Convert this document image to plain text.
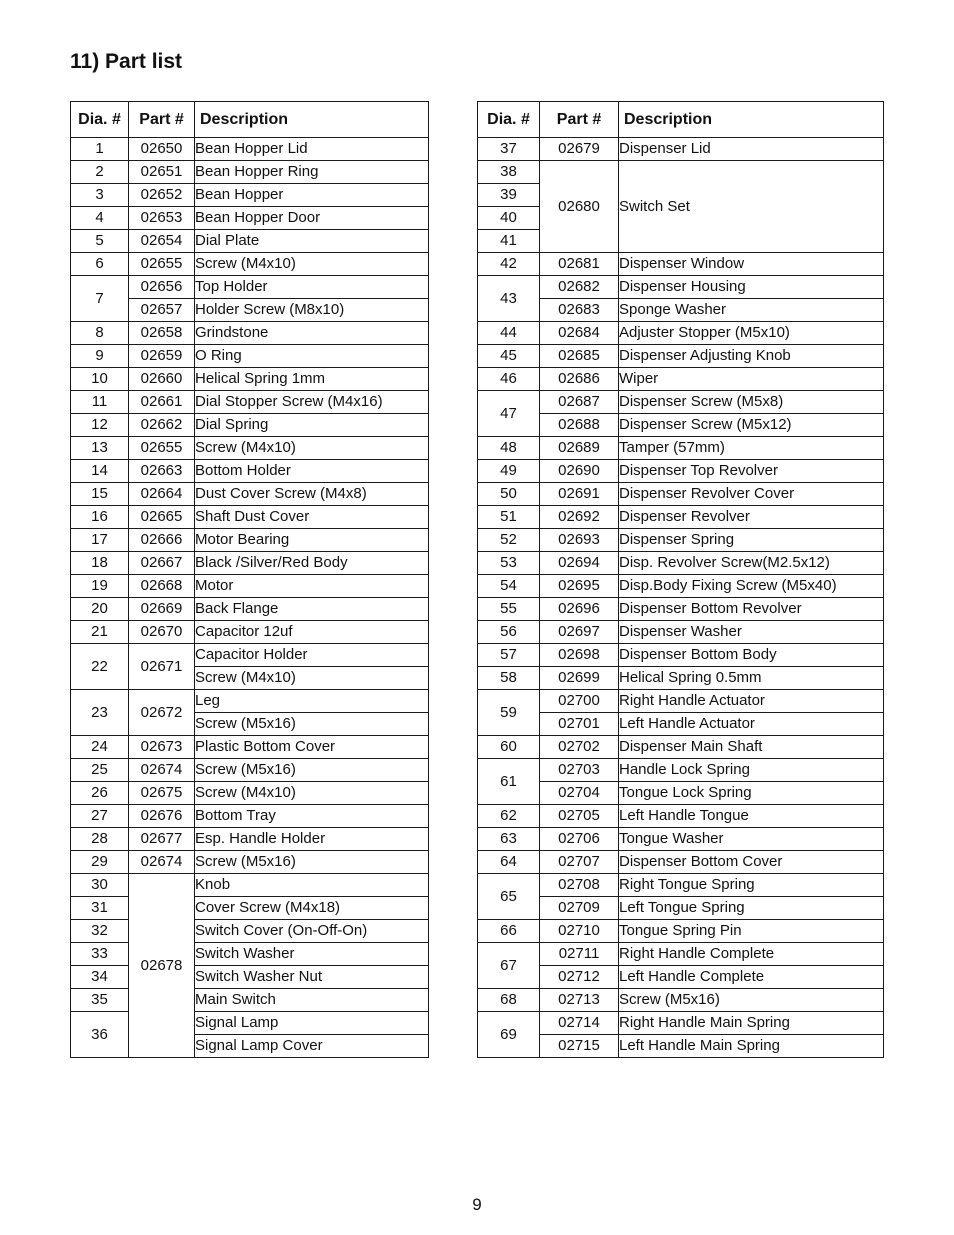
11) Part list
Dia. #	Part #	Description
1	02650	Bean Hopper Lid
2	02651	Bean Hopper Ring
3	02652	Bean Hopper
4	02653	Bean Hopper Door
5	02654	Dial Plate
6	02655	Screw (M4x10)
7	02656	Top Holder
	02657	Holder Screw (M8x10)
8	02658	Grindstone
9	02659	O Ring
10	02660	Helical Spring 1mm
11	02661	Dial Stopper Screw (M4x16)
12	02662	Dial Spring
13	02655	Screw (M4x10)
14	02663	Bottom Holder
15	02664	Dust Cover Screw (M4x8)
16	02665	Shaft Dust Cover
17	02666	Motor Bearing
18	02667	Black /Silver/Red Body
19	02668	Motor
20	02669	Back Flange
21	02670	Capacitor 12uf
22	02671	Capacitor Holder
		Screw (M4x10)
23	02672	Leg
		Screw (M5x16)
24	02673	Plastic Bottom Cover
25	02674	Screw (M5x16)
26	02675	Screw (M4x10)
27	02676	Bottom Tray
28	02677	Esp. Handle Holder
29	02674	Screw (M5x16)
30	02678	Knob
31		Cover Screw (M4x18)
32		Switch Cover (On-Off-On)
33		Switch Washer
34		Switch Washer Nut
35		Main Switch
36		Signal Lamp
		Signal Lamp Cover
Dia. #	Part #	Description
37	02679	Dispenser Lid
38	02680	Switch Set
39		
40		
41		
42	02681	Dispenser Window
43	02682	Dispenser Housing
	02683	Sponge Washer
44	02684	Adjuster Stopper (M5x10)
45	02685	Dispenser Adjusting Knob
46	02686	Wiper
47	02687	Dispenser Screw (M5x8)
	02688	Dispenser Screw (M5x12)
48	02689	Tamper (57mm)
49	02690	Dispenser Top Revolver
50	02691	Dispenser Revolver Cover
51	02692	Dispenser Revolver
52	02693	Dispenser Spring
53	02694	Disp. Revolver Screw(M2.5x12)
54	02695	Disp.Body Fixing Screw (M5x40)
55	02696	Dispenser Bottom Revolver
56	02697	Dispenser Washer
57	02698	Dispenser Bottom Body
58	02699	Helical Spring 0.5mm
59	02700	Right Handle Actuator
	02701	Left Handle Actuator
60	02702	Dispenser Main Shaft
61	02703	Handle Lock Spring
	02704	Tongue Lock Spring
62	02705	Left Handle Tongue
63	02706	Tongue Washer
64	02707	Dispenser Bottom Cover
65	02708	Right Tongue Spring
	02709	Left Tongue Spring
66	02710	Tongue Spring Pin
67	02711	Right Handle Complete
	02712	Left Handle Complete
68	02713	Screw (M5x16)
69	02714	Right Handle Main Spring
	02715	Left Handle Main Spring
9
